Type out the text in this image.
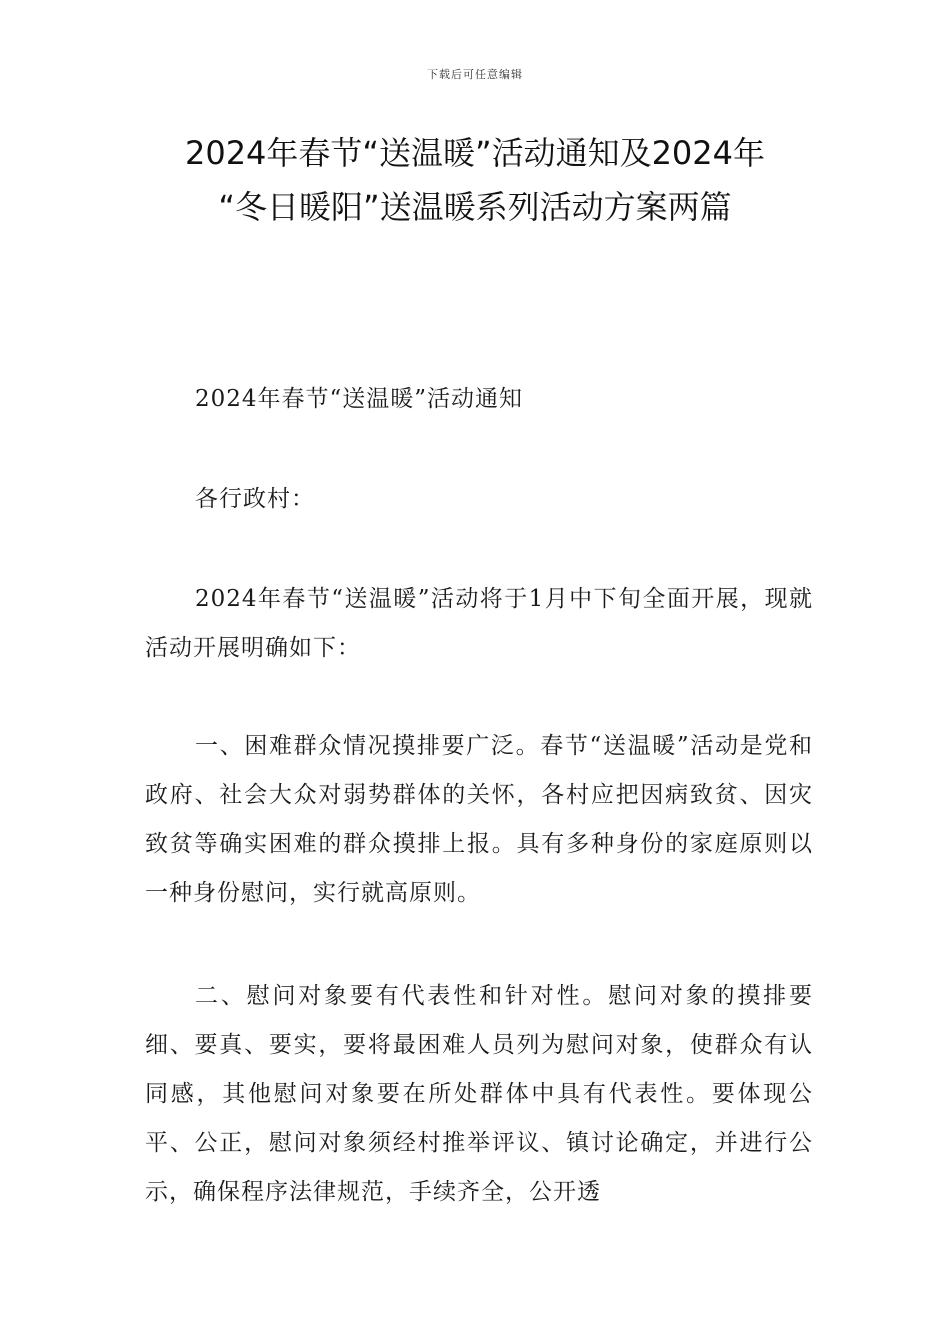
下载后可任意编辑
2024年春节“送温暖”活动通知及2024年
“冬日暖阳”送温暖系列活动方案两篇

2024年春节“送温暖”活动通知

各行政村：

2024年春节“送温暖”活动将于1月中下旬全面开展，现就活动开展明确如下：

一、困难群众情况摸排要广泛。春节“送温暖”活动是党和政府、社会大众对弱势群体的关怀，各村应把因病致贫、因灾致贫等确实困难的群众摸排上报。具有多种身份的家庭原则以一种身份慰问，实行就高原则。

二、慰问对象要有代表性和针对性。慰问对象的摸排要细、要真、要实，要将最困难人员列为慰问对象，使群众有认同感，其他慰问对象要在所处群体中具有代表性。要体现公平、公正，慰问对象须经村推举评议、镇讨论确定，并进行公示，确保程序法律规范，手续齐全，公开透
